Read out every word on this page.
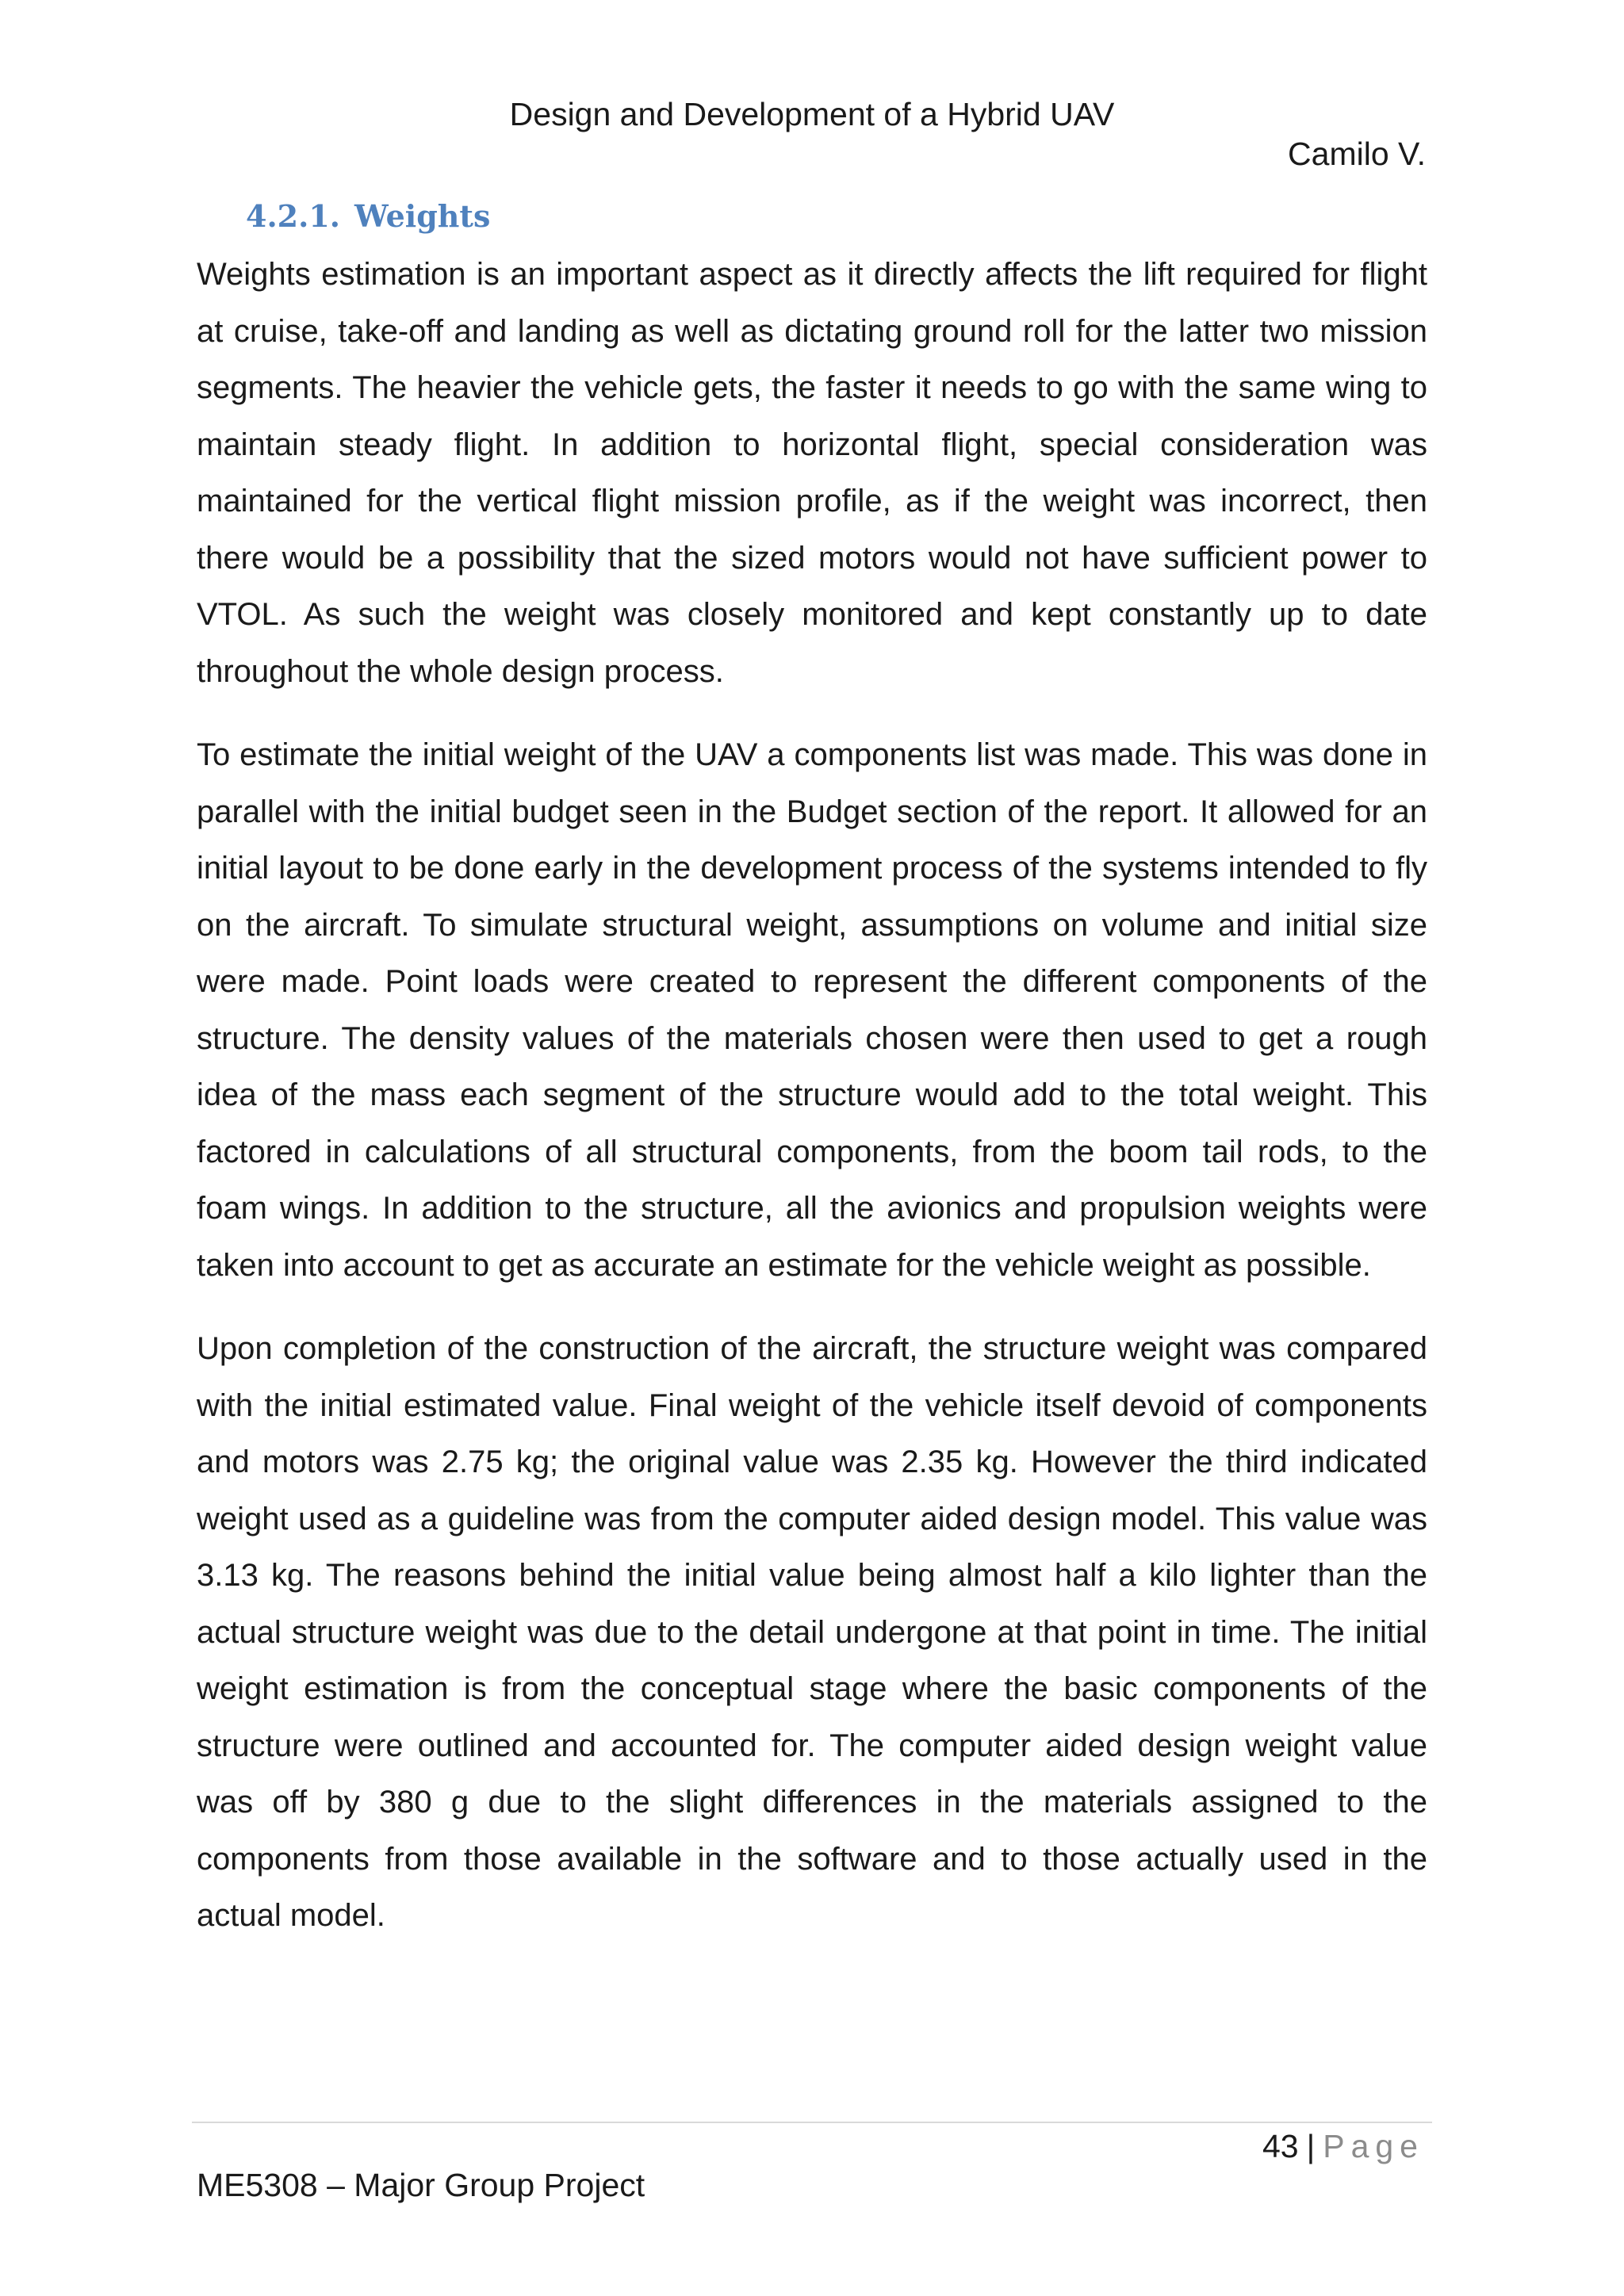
Design and Development of a Hybrid UAV
Camilo V.
4.2.1. Weights

Weights estimation is an important aspect as it directly affects the lift required for flight at cruise, take-off and landing as well as dictating ground roll for the latter two mission segments. The heavier the vehicle gets, the faster it needs to go with the same wing to maintain steady flight. In addition to horizontal flight, special consideration was maintained for the vertical flight mission profile, as if the weight was incorrect, then there would be a possibility that the sized motors would not have sufficient power to VTOL. As such the weight was closely monitored and kept constantly up to date throughout the whole design process.

To estimate the initial weight of the UAV a components list was made. This was done in parallel with the initial budget seen in the Budget section of the report. It allowed for an initial layout to be done early in the development process of the systems intended to fly on the aircraft. To simulate structural weight, assumptions on volume and initial size were made. Point loads were created to represent the different components of the structure. The density values of the materials chosen were then used to get a rough idea of the mass each segment of the structure would add to the total weight. This factored in calculations of all structural components, from the boom tail rods, to the foam wings. In addition to the structure, all the avionics and propulsion weights were taken into account to get as accurate an estimate for the vehicle weight as possible.

Upon completion of the construction of the aircraft, the structure weight was compared with the initial estimated value. Final weight of the vehicle itself devoid of components and motors was 2.75 kg; the original value was 2.35 kg. However the third indicated weight used as a guideline was from the computer aided design model. This value was 3.13 kg. The reasons behind the initial value being almost half a kilo lighter than the actual structure weight was due to the detail undergone at that point in time. The initial weight estimation is from the conceptual stage where the basic components of the structure were outlined and accounted for. The computer aided design weight value was off by 380 g due to the slight differences in the materials assigned to the components from those available in the software and to those actually used in the actual model.

43 | Page
ME5308 – Major Group Project
